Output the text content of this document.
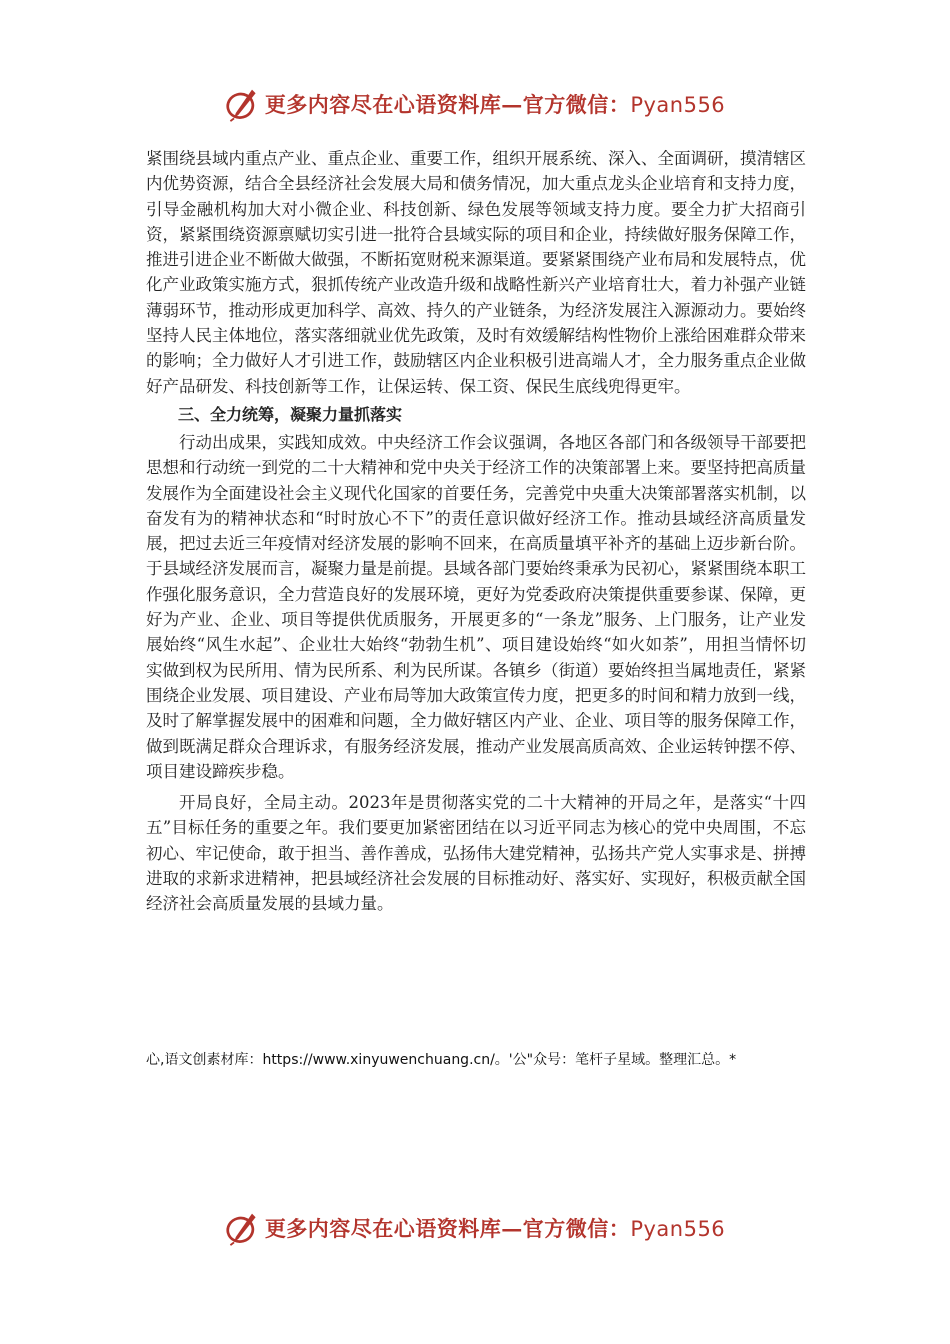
更多内容尽在心语资料库—官方微信：Pyan556

紧围绕县域内重点产业、重点企业、重要工作，组织开展系统、深入、全面调研，摸清辖区内优势资源，结合全县经济社会发展大局和债务情况，加大重点龙头企业培育和支持力度，引导金融机构加大对小微企业、科技创新、绿色发展等领域支持力度。要全力扩大招商引资，紧紧围绕资源禀赋切实引进一批符合县域实际的项目和企业，持续做好服务保障工作，推进引进企业不断做大做强，不断拓宽财税来源渠道。要紧紧围绕产业布局和发展特点，优化产业政策实施方式，狠抓传统产业改造升级和战略性新兴产业培育壮大，着力补强产业链薄弱环节，推动形成更加科学、高效、持久的产业链条，为经济发展注入源源动力。要始终坚持人民主体地位，落实落细就业优先政策，及时有效缓解结构性物价上涨给困难群众带来的影响；全力做好人才引进工作，鼓励辖区内企业积极引进高端人才，全力服务重点企业做好产品研发、科技创新等工作，让保运转、保工资、保民生底线兜得更牢。

三、全力统筹，凝聚力量抓落实

行动出成果，实践知成效。中央经济工作会议强调，各地区各部门和各级领导干部要把思想和行动统一到党的二十大精神和党中央关于经济工作的决策部署上来。要坚持把高质量发展作为全面建设社会主义现代化国家的首要任务，完善党中央重大决策部署落实机制，以奋发有为的精神状态和“时时放心不下”的责任意识做好经济工作。推动县域经济高质量发展，把过去近三年疫情对经济发展的影响不回来，在高质量填平补齐的基础上迈步新台阶。于县域经济发展而言，凝聚力量是前提。县域各部门要始终秉承为民初心，紧紧围绕本职工作强化服务意识，全力营造良好的发展环境，更好为党委政府决策提供重要参谋、保障，更好为产业、企业、项目等提供优质服务，开展更多的“一条龙”服务、上门服务，让产业发展始终“风生水起”、企业壮大始终“勃勃生机”、项目建设始终“如火如荼”，用担当情怀切实做到权为民所用、情为民所系、利为民所谋。各镇乡（街道）要始终担当属地责任，紧紧围绕企业发展、项目建设、产业布局等加大政策宣传力度，把更多的时间和精力放到一线，及时了解掌握发展中的困难和问题，全力做好辖区内产业、企业、项目等的服务保障工作，做到既满足群众合理诉求，有服务经济发展，推动产业发展高质高效、企业运转钟摆不停、项目建设蹄疾步稳。

开局良好，全局主动。2023年是贯彻落实党的二十大精神的开局之年，是落实“十四五”目标任务的重要之年。我们要更加紧密团结在以习近平同志为核心的党中央周围，不忘初心、牢记使命，敢于担当、善作善成，弘扬伟大建党精神，弘扬共产党人实事求是、拼搏进取的求新求进精神，把县域经济社会发展的目标推动好、落实好、实现好，积极贡献全国经济社会高质量发展的县域力量。

心,语文创素材库：https://www.xinyuwenchuang.cn/。'公"众号：笔杆子星域。整理汇总。*
更多内容尽在心语资料库—官方微信：Pyan556
